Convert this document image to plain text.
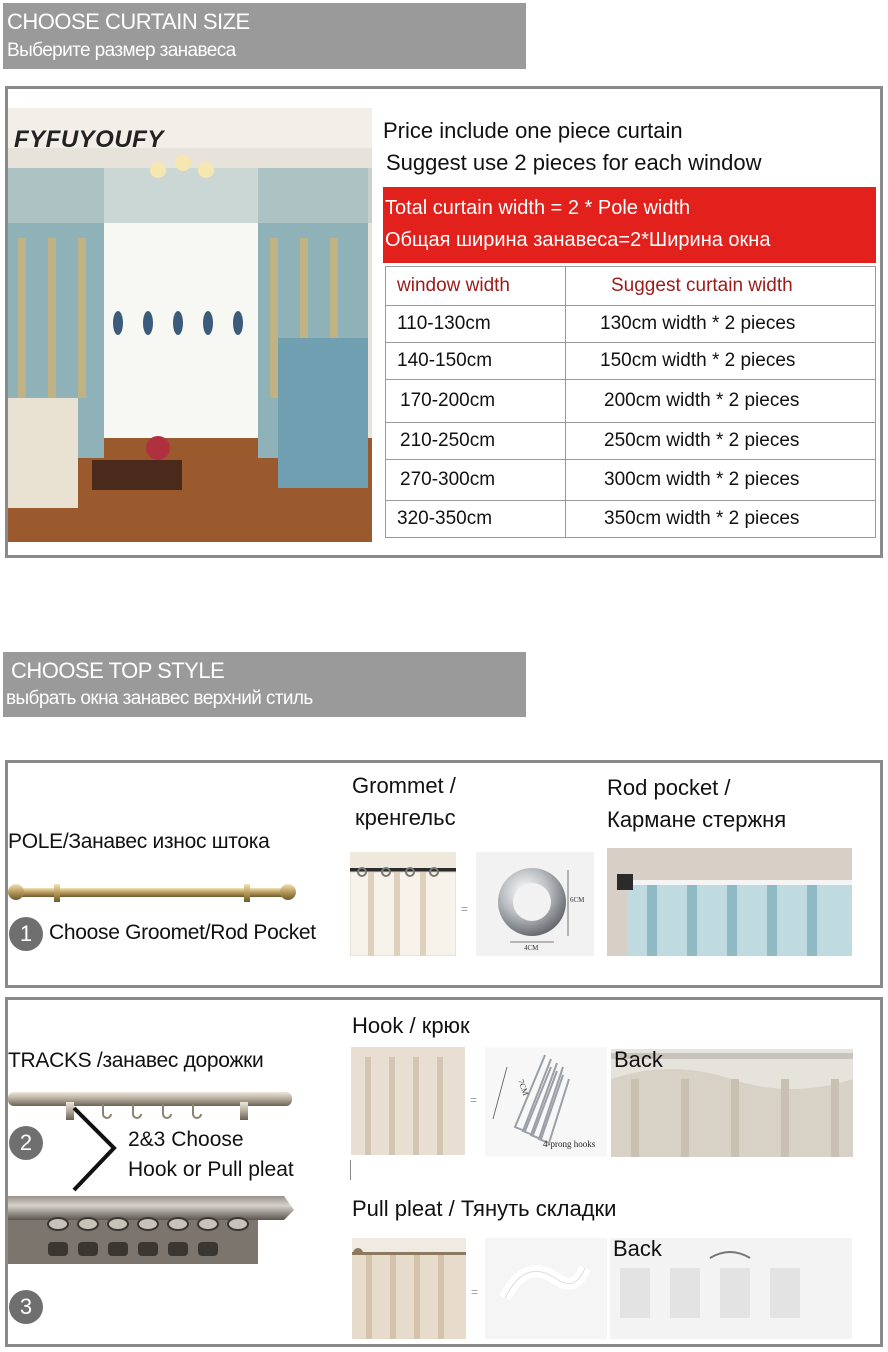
CHOOSE CURTAIN SIZE
Выберите размер занавеса
FYFUYOUFY	Price include one piece curtain
Suggest use 2 pieces for each window
Total curtain width = 2 * Pole width
Общая ширина занавеса=2*Ширина окна
window width	Suggest curtain width
110-130cm	130cm width * 2 pieces
140-150cm	150cm width * 2 pieces
170-200cm	200cm width * 2 pieces
210-250cm	250cm width * 2 pieces
270-300cm	300cm width * 2 pieces
320-350cm	350cm width * 2 pieces
CHOOSE TOP STYLE
выбрать окна занавес верхний стиль
POLE/Занавес износ штока
1 Choose Groomet/Rod Pocket
Grommet /
кренгельс
=
6CM
4CM
Rod pocket /
Кармане стержня
TRACKS /занавес дорожки
2	2&3 Choose
Hook or Pull pleat
3
Hook / крюк
=
7CM
4-prong hooks
Back
Pull pleat / Тянуть складки
=
Back
